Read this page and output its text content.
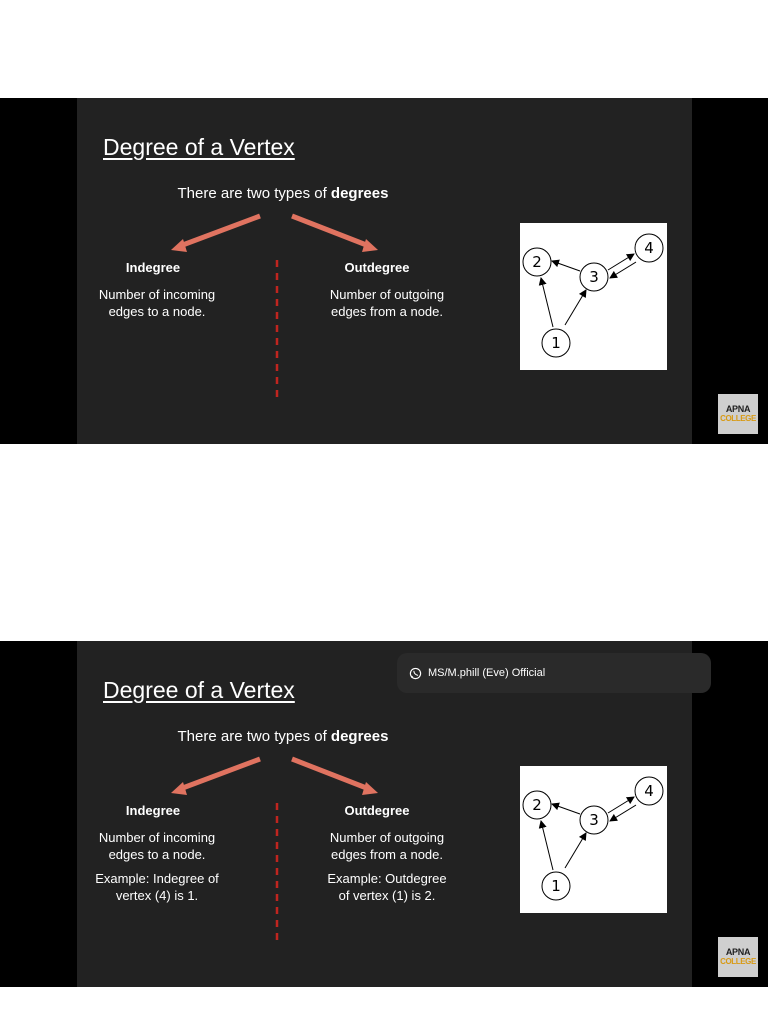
Degree of a Vertex
There are two types of degrees
Indegree
Number of incoming
edges to a node.
Outdegree
Number of outgoing
edges from a node.
2
3
4
1
APNA
COLLEGE
Degree of a Vertex
There are two types of degrees
Indegree
Number of incoming
edges to a node.
Example: Indegree of
vertex (4) is 1.
Outdegree
Number of outgoing
edges from a node.
Example: Outdegree
of vertex (1) is 2.
2
3
4
1
MS/M.phill (Eve) Official
APNA
COLLEGE
